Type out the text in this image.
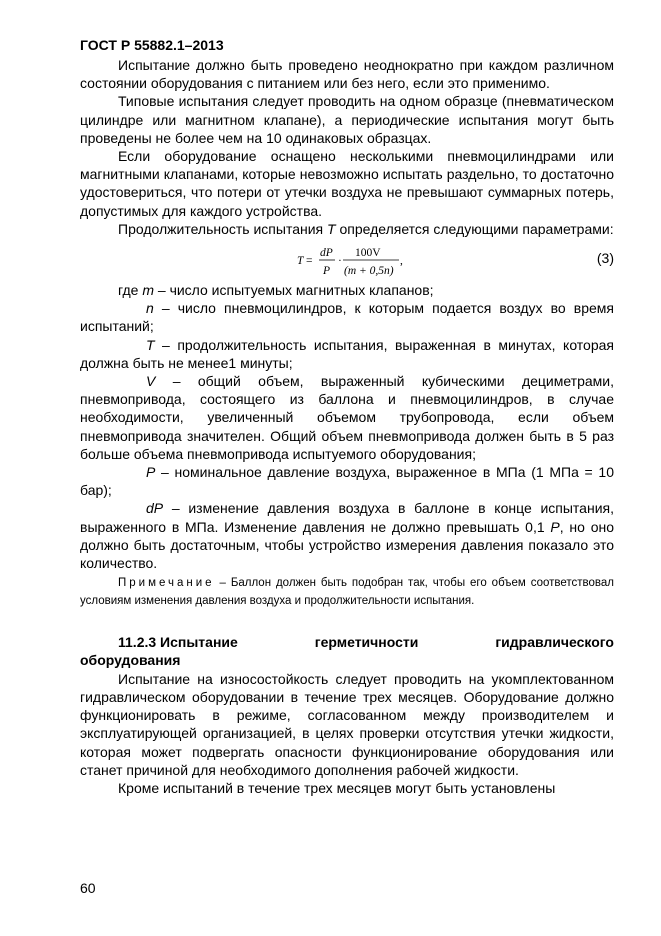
ГОСТ Р 55882.1–2013

Испытание должно быть проведено неоднократно при каждом различном состоянии оборудования с питанием или без него, если это применимо.

Типовые испытания следует проводить на одном образце (пневматическом цилиндре или магнитном клапане), а периодические испытания могут быть проведены не более чем на 10 одинаковых образцах.

Если оборудование оснащено несколькими пневмоцилиндрами или магнитными клапанами, которые невозможно испытать раздельно, то достаточно удостовериться, что потери от утечки воздуха не превышают суммарных потерь, допустимых для каждого устройства.

Продолжительность испытания T определяется следующими параметрами:

T =
dP
P
·
100V
(m + 0,5n)
,	(3)

где m – число испытуемых магнитных клапанов;

n – число пневмоцилиндров, к которым подается воздух во время испытаний;

T – продолжительность испытания, выраженная в минутах, которая должна быть не менее1 минуты;

V – общий объем, выраженный кубическими дециметрами, пневмопривода, состоящего из баллона и пневмоцилиндров, в случае необходимости, увеличенный объемом трубопровода, если объем пневмопривода значителен. Общий объем пневмопривода должен быть в 5 раз больше объема пневмопривода испытуемого оборудования;

P – номинальное давление воздуха, выраженное в МПа (1 МПа = 10 бар);

dP – изменение давления воздуха в баллоне в конце испытания, выраженного в МПа. Изменение давления не должно превышать 0,1 P, но оно должно быть достаточным, чтобы устройство измерения давления показало это количество.

Примечание – Баллон должен быть подобран так, чтобы его объем соответствовал условиям изменения давления воздуха и продолжительности испытания.

11.2.3 Испытание	герметичности	гидравлического
оборудования

Испытание на износостойкость следует проводить на укомплектованном гидравлическом оборудовании в течение трех месяцев. Оборудование должно функционировать в режиме, согласованном между производителем и эксплуатирующей организацией, в целях проверки отсутствия утечки жидкости, которая может подвергать опасности функционирование оборудования или станет причиной для необходимого дополнения рабочей жидкости.

Кроме испытаний в течение трех месяцев могут быть установлены

60
